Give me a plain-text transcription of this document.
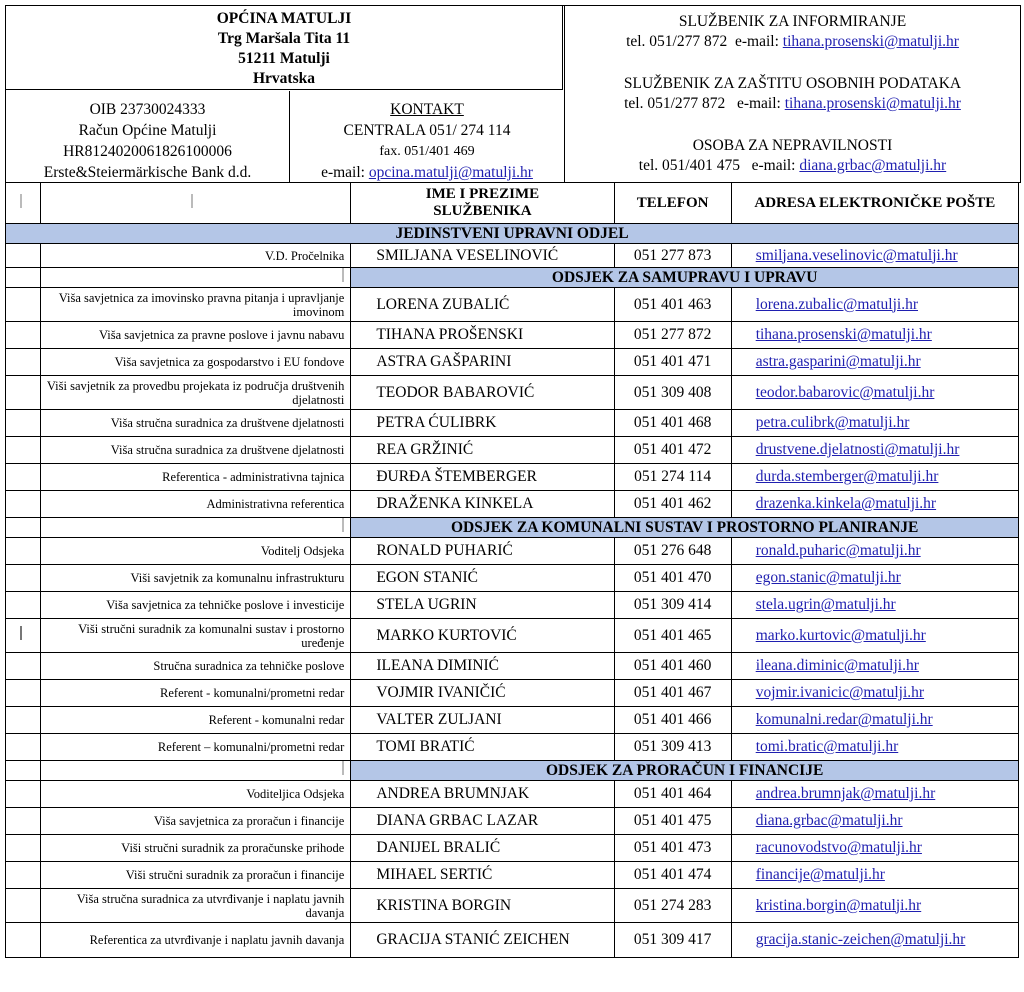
OPĆINA MATULJI
Trg Maršala Tita 11
51211 Matulji
Hrvatska
OIB 23730024333
Račun Općine Matulji
HR8124020061826100006
Erste&Steiermärkische Bank d.d.
KONTAKT
CENTRALA 051/ 274 114
fax. 051/401 469
e-mail: opcina.matulji@matulji.hr
SLUŽBENIK ZA INFORMIRANJE
tel. 051/277 872 e-mail: tihana.prosenski@matulji.hr
SLUŽBENIK ZA ZAŠTITU OSOBNIH PODATAKA
tel. 051/277 872 e-mail: tihana.prosenski@matulji.hr
OSOBA ZA NEPRAVILNOSTI
tel. 051/401 475 e-mail: diana.grbac@matulji.hr
		IME I PREZIME SLUŽBENIKA	TELEFON	ADRESA ELEKTRONIČKE POŠTE
JEDINSTVENI UPRAVNI ODJEL				
	V.D. Pročelnika	SMILJANA VESELINOVIĆ	051 277 873	smiljana.veselinovic@matulji.hr
		ODSJEK ZA SAMUPRAVU I UPRAVU		
	Viša savjetnica za imovinsko pravna pitanja i upravljanje imovinom	LORENA ZUBALIĆ	051 401 463	lorena.zubalic@matulji.hr
	Viša savjetnica za pravne poslove i javnu nabavu	TIHANA PROŠENSKI	051 277 872	tihana.prosenski@matulji.hr
	Viša savjetnica za gospodarstvo i EU fondove	ASTRA GAŠPARINI	051 401 471	astra.gasparini@matulji.hr
	Viši savjetnik za provedbu projekata iz područja društvenih djelatnosti	TEODOR BABAROVIĆ	051 309 408	teodor.babarovic@matulji.hr
	Viša stručna suradnica za društvene djelatnosti	PETRA ĆULIBRK	051 401 468	petra.culibrk@matulji.hr
	Viša stručna suradnica za društvene djelatnosti	REA GRŽINIĆ	051 401 472	drustvene.djelatnosti@matulji.hr
	Referentica - administrativna tajnica	ĐURĐA ŠTEMBERGER	051 274 114	durda.stemberger@matulji.hr
	Administrativna referentica	DRAŽENKA KINKELA	051 401 462	drazenka.kinkela@matulji.hr
		ODSJEK ZA KOMUNALNI SUSTAV I PROSTORNO PLANIRANJE		
	Voditelj Odsjeka	RONALD PUHARIĆ	051 276 648	ronald.puharic@matulji.hr
	Viši savjetnik za komunalnu infrastrukturu	EGON STANIĆ	051 401 470	egon.stanic@matulji.hr
	Viša savjetnica za tehničke poslove i investicije	STELA UGRIN	051 309 414	stela.ugrin@matulji.hr
	Viši stručni suradnik za komunalni sustav i prostorno uređenje	MARKO KURTOVIĆ	051 401 465	marko.kurtovic@matulji.hr
	Stručna suradnica za tehničke poslove	ILEANA DIMINIĆ	051 401 460	ileana.diminic@matulji.hr
	Referent - komunalni/prometni redar	VOJMIR IVANIČIĆ	051 401 467	vojmir.ivanicic@matulji.hr
	Referent - komunalni redar	VALTER ZULJANI	051 401 466	komunalni.redar@matulji.hr
	Referent – komunalni/prometni redar	TOMI BRATIĆ	051 309 413	tomi.bratic@matulji.hr
		ODSJEK ZA PRORAČUN I FINANCIJE		
	Voditeljica Odsjeka	ANDREA BRUMNJAK	051 401 464	andrea.brumnjak@matulji.hr
	Viša savjetnica za proračun i financije	DIANA GRBAC LAZAR	051 401 475	diana.grbac@matulji.hr
	Viši stručni suradnik za proračunske prihode	DANIJEL BRALIĆ	051 401 473	racunovodstvo@matulji.hr
	Viši stručni suradnik za proračun i financije	MIHAEL SERTIĆ	051 401 474	financije@matulji.hr
	Viša stručna suradnica za utvrđivanje i naplatu javnih davanja	KRISTINA BORGIN	051 274 283	kristina.borgin@matulji.hr
	Referentica za utvrđivanje i naplatu javnih davanja	GRACIJA STANIĆ ZEICHEN	051 309 417	gracija.stanic-zeichen@matulji.hr
